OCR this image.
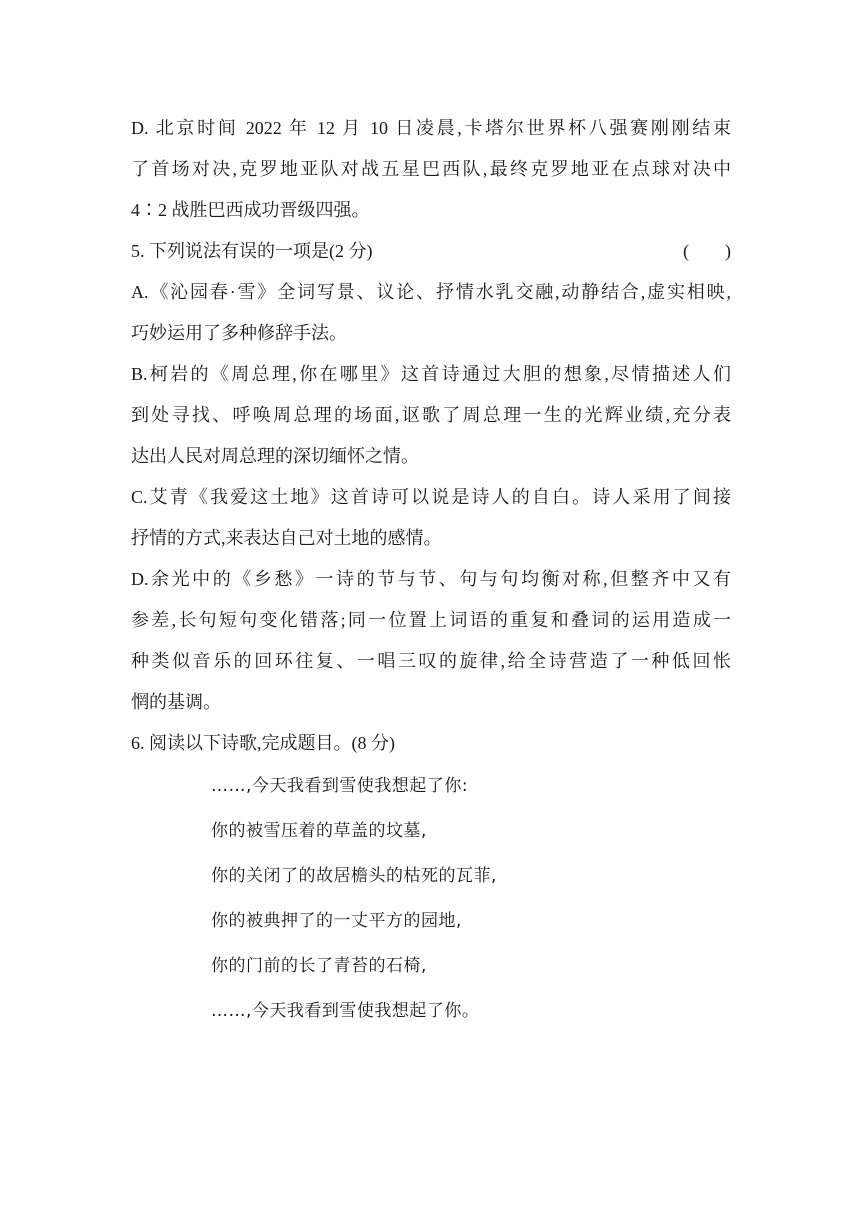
D. 北京时间 2022 年 12 月 10 日凌晨,卡塔尔世界杯八强赛刚刚结束
了首场对决,克罗地亚队对战五星巴西队,最终克罗地亚在点球对决中
4∶2 战胜巴西成功晋级四强。
5. 下列说法有误的一项是(2 分)	(　　)
A.《沁园春·雪》全词写景、议论、抒情水乳交融,动静结合,虚实相映,
巧妙运用了多种修辞手法。
B.柯岩的《周总理,你在哪里》这首诗通过大胆的想象,尽情描述人们
到处寻找、呼唤周总理的场面,讴歌了周总理一生的光辉业绩,充分表
达出人民对周总理的深切缅怀之情。
C.艾青《我爱这土地》这首诗可以说是诗人的自白。诗人采用了间接
抒情的方式,来表达自己对土地的感情。
D.余光中的《乡愁》一诗的节与节、句与句均衡对称,但整齐中又有
参差,长句短句变化错落;同一位置上词语的重复和叠词的运用造成一
种类似音乐的回环往复、一唱三叹的旋律,给全诗营造了一种低回怅
惘的基调。
6. 阅读以下诗歌,完成题目。(8 分)
……,今天我看到雪使我想起了你:
你的被雪压着的草盖的坟墓,
你的关闭了的故居檐头的枯死的瓦菲,
你的被典押了的一丈平方的园地,
你的门前的长了青苔的石椅,
……,今天我看到雪使我想起了你。
